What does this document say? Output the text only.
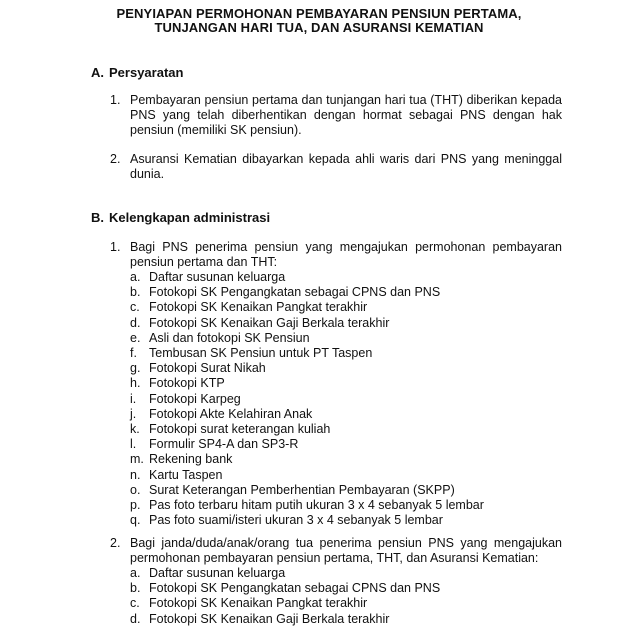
PENYIAPAN PERMOHONAN PEMBAYARAN PENSIUN PERTAMA,
TUNJANGAN HARI TUA, DAN ASURANSI KEMATIAN
A. Persyaratan
1. Pembayaran pensiun pertama dan tunjangan hari tua (THT) diberikan kepada PNS yang telah diberhentikan dengan hormat sebagai PNS dengan hak pensiun (memiliki SK pensiun).
2. Asuransi Kematian dibayarkan kepada ahli waris dari PNS yang meninggal dunia.
B. Kelengkapan administrasi
1. Bagi PNS penerima pensiun yang mengajukan permohonan pembayaran pensiun pertama dan THT:
a. Daftar susunan keluarga
b. Fotokopi SK Pengangkatan sebagai CPNS dan PNS
c. Fotokopi SK Kenaikan Pangkat terakhir
d. Fotokopi SK Kenaikan Gaji Berkala terakhir
e. Asli dan fotokopi SK Pensiun
f. Tembusan SK Pensiun untuk PT Taspen
g. Fotokopi Surat Nikah
h. Fotokopi KTP
i. Fotokopi Karpeg
j. Fotokopi Akte Kelahiran Anak
k. Fotokopi surat keterangan kuliah
l. Formulir SP4-A dan SP3-R
m. Rekening bank
n. Kartu Taspen
o. Surat Keterangan Pemberhentian Pembayaran (SKPP)
p. Pas foto terbaru hitam putih ukuran 3 x 4 sebanyak 5 lembar
q. Pas foto suami/isteri ukuran 3 x 4 sebanyak 5 lembar
2. Bagi janda/duda/anak/orang tua penerima pensiun PNS yang mengajukan permohonan pembayaran pensiun pertama, THT, dan Asuransi Kematian:
a. Daftar susunan keluarga
b. Fotokopi SK Pengangkatan sebagai CPNS dan PNS
c. Fotokopi SK Kenaikan Pangkat terakhir
d. Fotokopi SK Kenaikan Gaji Berkala terakhir
